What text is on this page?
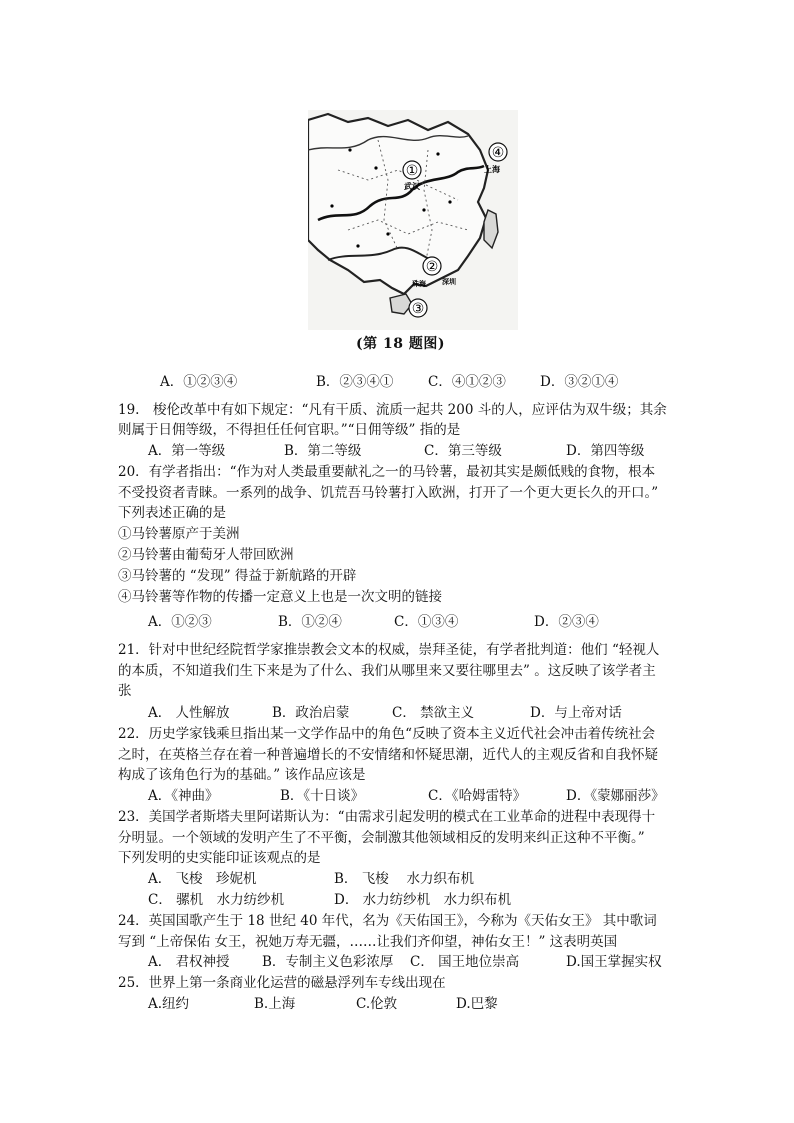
①
武汉
④
上海
②
深圳
珠海
③
(第 18 题图)
A．①②③④	B．②③④①	C．④①②③	D．③②①④
19.　梭伦改革中有如下规定：“凡有干质、流质一起共 200 斗的人，应评估为双牛级；其余
则属于日佣等级，不得担任任何官职。”“日佣等级” 指的是
A．第一等级	B．第二等级	C．第三等级	D．第四等级
20．有学者指出：“作为对人类最重要献礼之一的马铃薯，最初其实是颇低贱的食物，根本
不受投资者青睐。一系列的战争、饥荒吾马铃薯打入欧洲，打开了一个更大更长久的开口。”
下列表述正确的是
①马铃薯原产于美洲
②马铃薯由葡萄牙人带回欧洲
③马铃薯的 “发现” 得益于新航路的开辟
④马铃薯等作物的传播一定意义上也是一次文明的链接
A．①②③	B．①②④	C．①③④	D．②③④
21．针对中世纪经院哲学家推崇教会文本的权威，崇拜圣徒，有学者批判道：他们 “轻视人
的本质，不知道我们生下来是为了什么、我们从哪里来又要往哪里去” 。这反映了该学者主
张
A． 人性解放	B．政治启蒙	C． 禁欲主义	D．与上帝对话
22．历史学家钱乘旦指出某一文学作品中的角色“反映了资本主义近代社会冲击着传统社会
之时，在英格兰存在着一种普遍增长的不安情绪和怀疑思潮，近代人的主观反省和自我怀疑
构成了该角色行为的基础。” 该作品应该是
A．《神曲》	B．《十日谈》	C．《哈姆雷特》	D．《蒙娜丽莎》
23．美国学者斯塔夫里阿诺斯认为：“由需求引起发明的模式在工业革命的进程中表现得十
分明显。一个领域的发明产生了不平衡，会制激其他领域相反的发明来纠正这种不平衡。”
下列发明的史实能印证该观点的是
A． 飞梭　珍妮机	B． 飞梭　 水力织布机
C． 骡机　水力纺纱机	D． 水力纺纱机　水力织布机
24．英国国歌产生于 18 世纪 40 年代，名为《天佑国王》，今称为《天佑女王》 其中歌词
写到 “上帝保佑 女王，祝她万寿无疆，……让我们齐仰望，神佑女王！” 这表明英国
A． 君权神授 B．专制主义色彩浓厚 C． 国王地位崇高	D.国王掌握实权
25．世界上第一条商业化运营的磁悬浮列车专线出现在
A.纽约	B.上海	C.伦敦	D.巴黎
